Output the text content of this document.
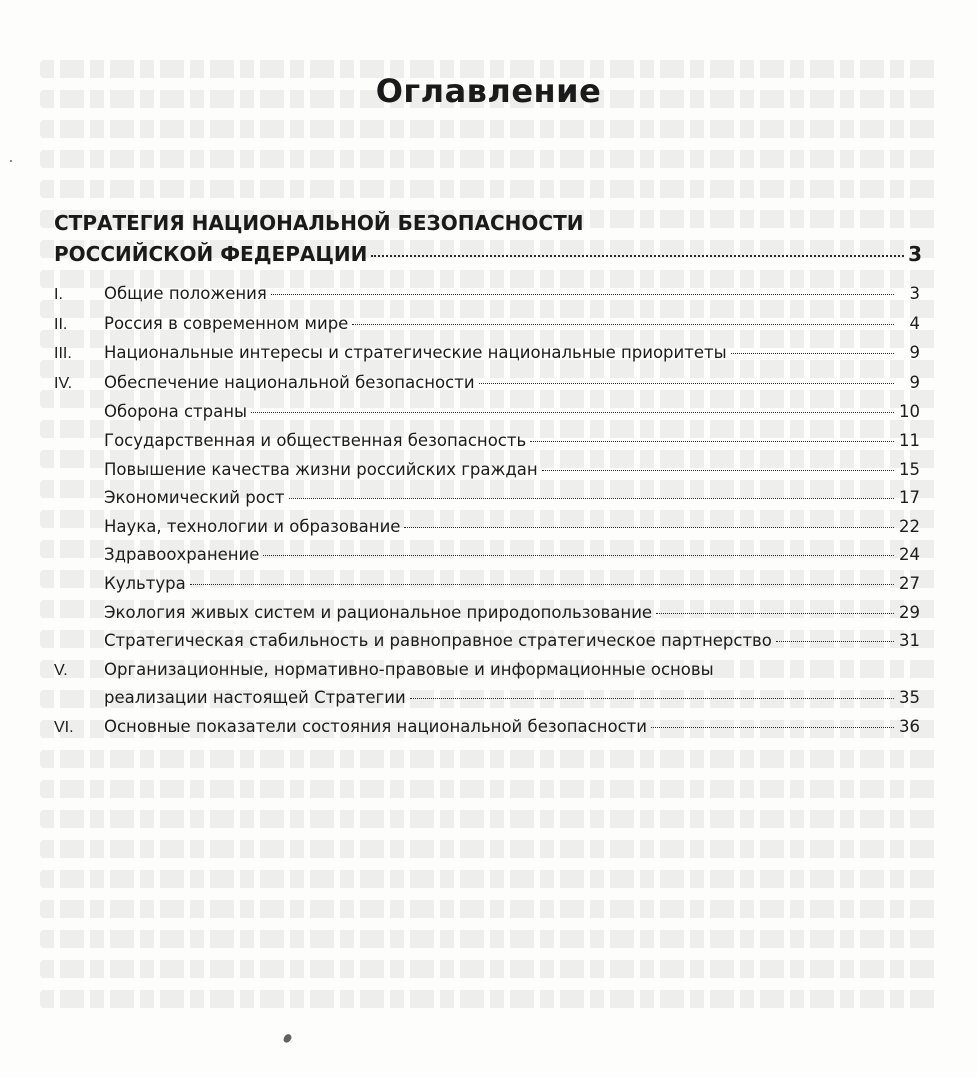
Оглавление
СТРАТЕГИЯ НАЦИОНАЛЬНОЙ БЕЗОПАСНОСТИ
РОССИЙСКОЙ ФЕДЕРАЦИИ	3
I.	Общие положения	3
II.	Россия в современном мире	4
III.	Национальные интересы и стратегические национальные приоритеты	9
IV.	Обеспечение национальной безопасности	9
Оборона страны	10
Государственная и общественная безопасность	11
Повышение качества жизни российских граждан	15
Экономический рост	17
Наука, технологии и образование	22
Здравоохранение	24
Культура	27
Экология живых систем и рациональное природопользование	29
Стратегическая стабильность и равноправное стратегическое партнерство	31
V.	Организационные, нормативно-правовые и информационные основы
реализации настоящей Стратегии	35
VI.	Основные показатели состояния национальной безопасности	36
